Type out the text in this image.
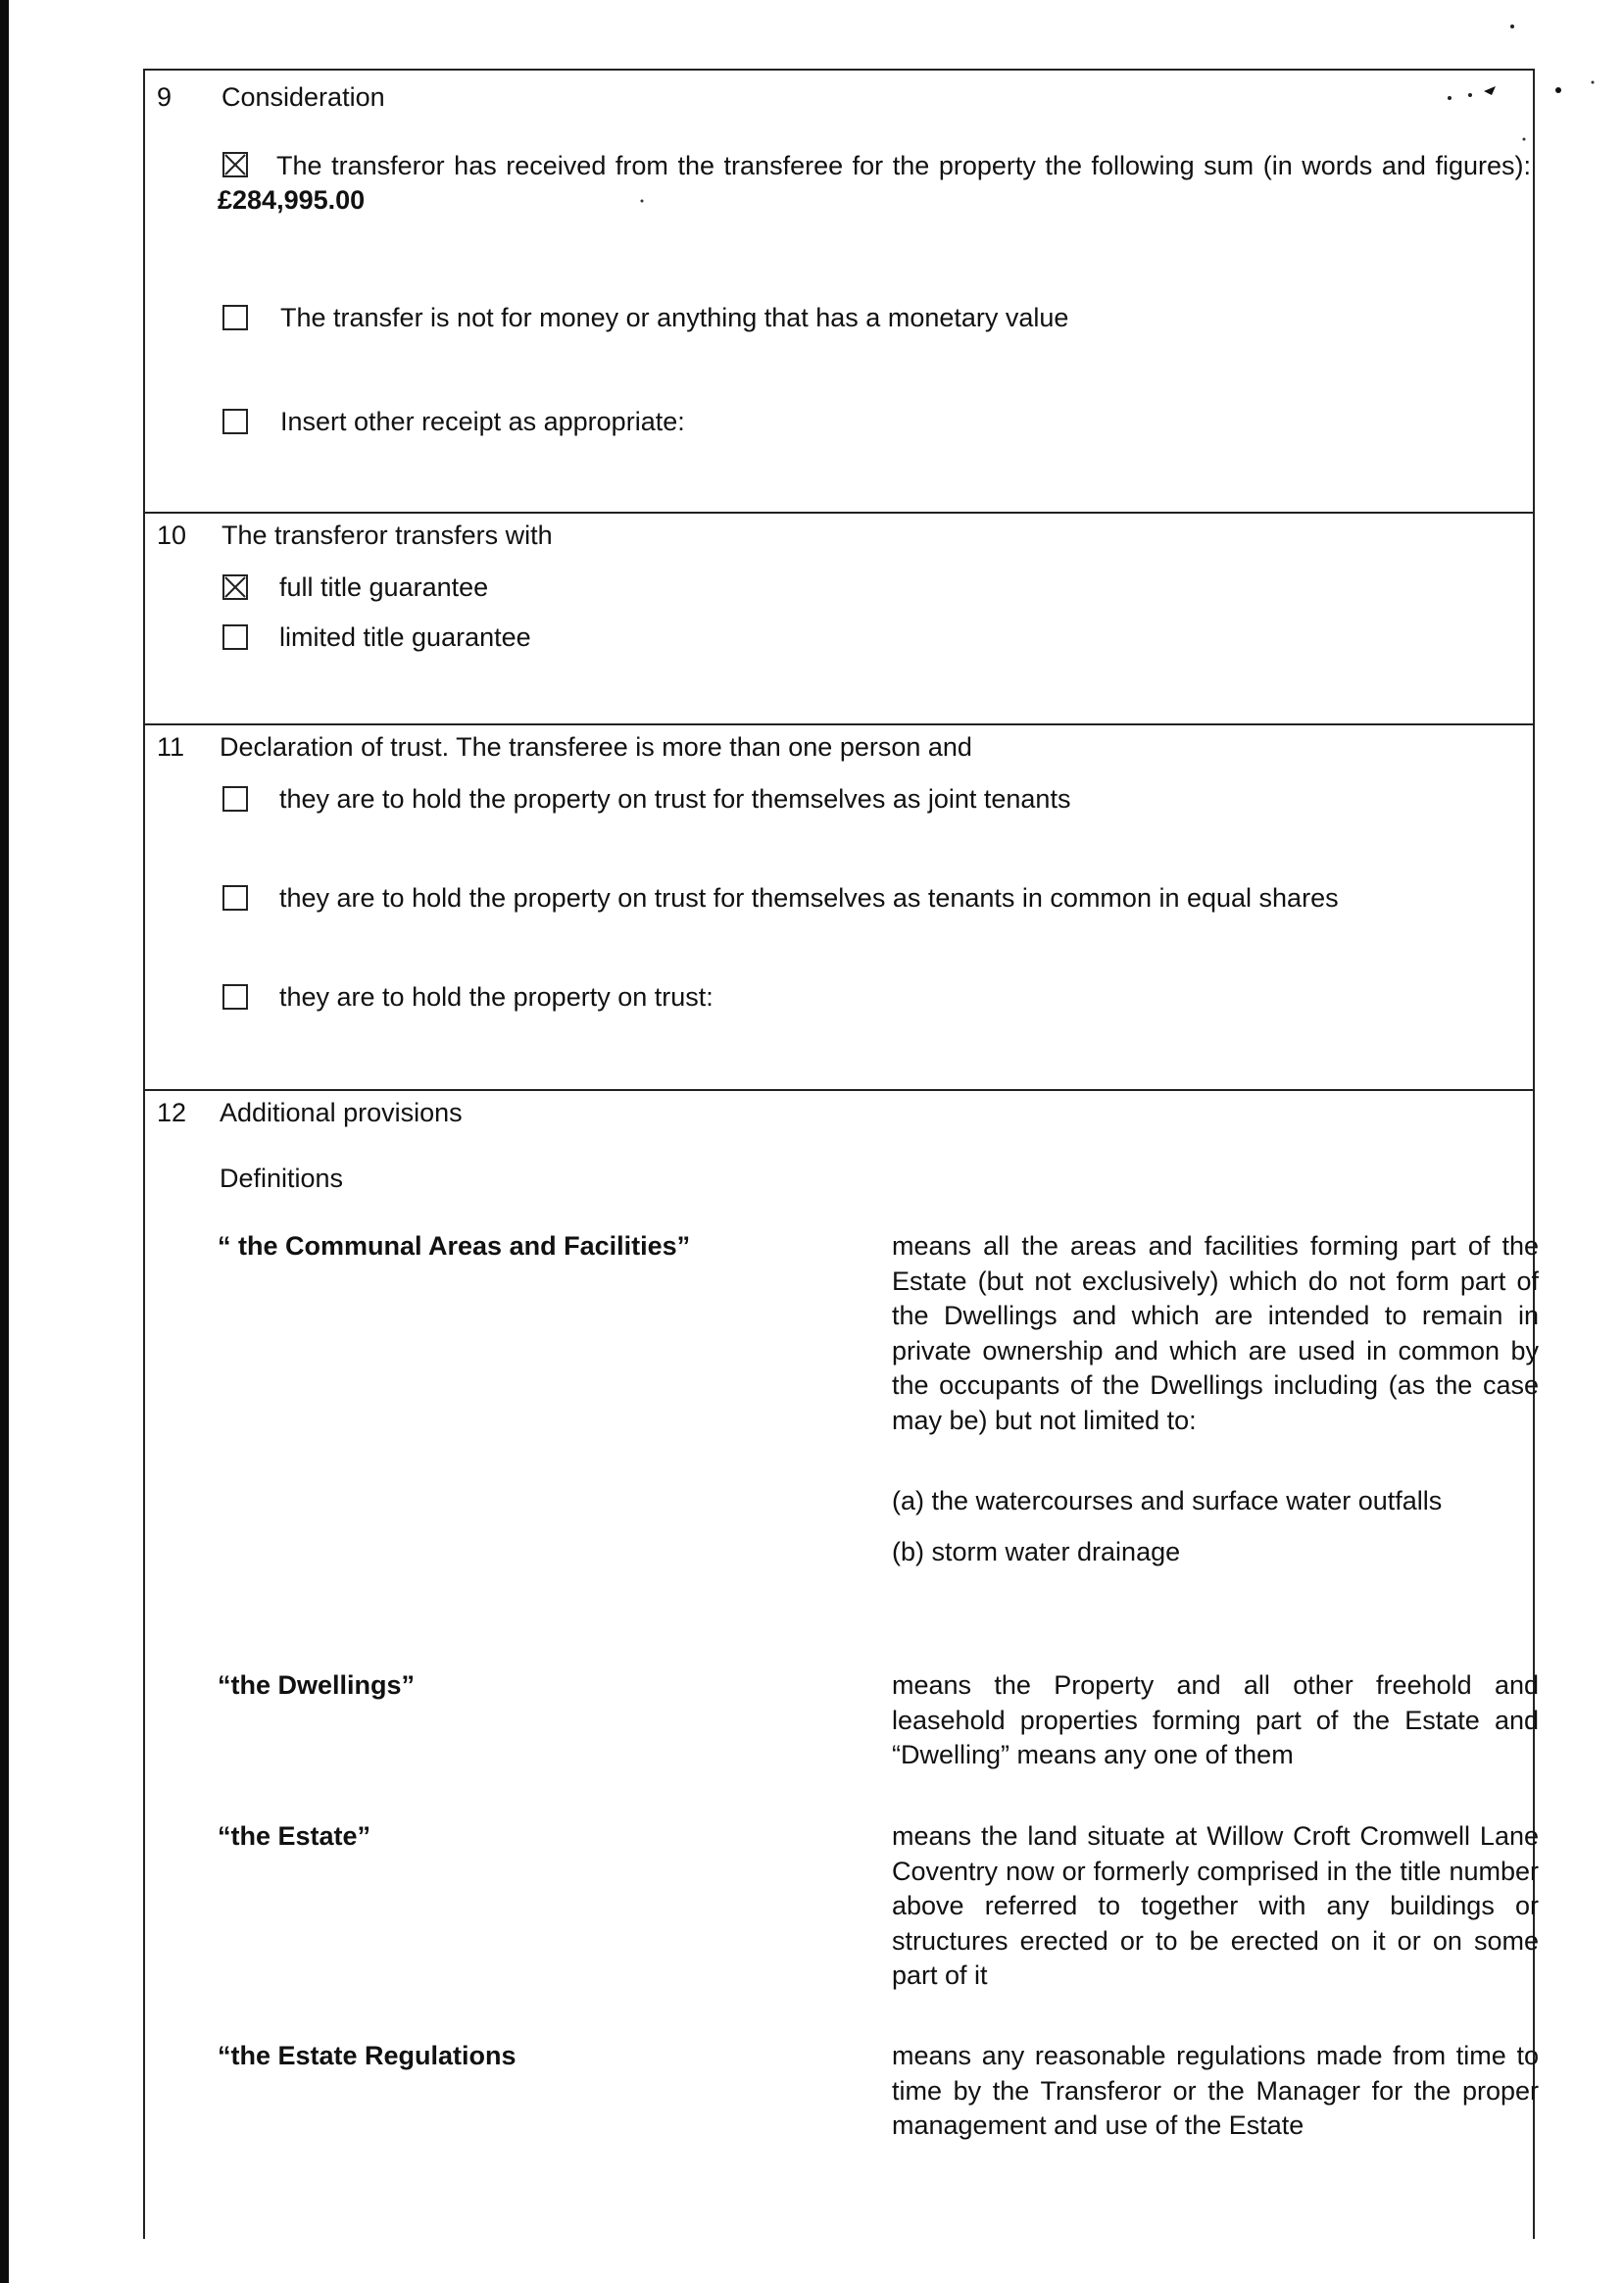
9 Consideration
The transferor has received from the transferee for the property the following sum (in words and figures): £284,995.00
The transfer is not for money or anything that has a monetary value
Insert other receipt as appropriate:
10 The transferor transfers with
full title guarantee
limited title guarantee
11 Declaration of trust. The transferee is more than one person and
they are to hold the property on trust for themselves as joint tenants
they are to hold the property on trust for themselves as tenants in common in equal shares
they are to hold the property on trust:
12 Additional provisions
Definitions
“ the Communal Areas and Facilities”	means all the areas and facilities forming part of the Estate (but not exclusively) which do not form part of the Dwellings and which are intended to remain in private ownership and which are used in common by the occupants of the Dwellings including (as the case may be) but not limited to:

(a) the watercourses and surface water outfalls
(b) storm water drainage
“the Dwellings”	means the Property and all other freehold and leasehold properties forming part of the Estate and “Dwelling” means any one of them

“the Estate”	means the land situate at Willow Croft Cromwell Lane Coventry now or formerly comprised in the title number above referred to together with any buildings or structures erected or to be erected on it or on some part of it

“the Estate Regulations	means any reasonable regulations made from time to time by the Transferor or the Manager for the proper management and use of the Estate
